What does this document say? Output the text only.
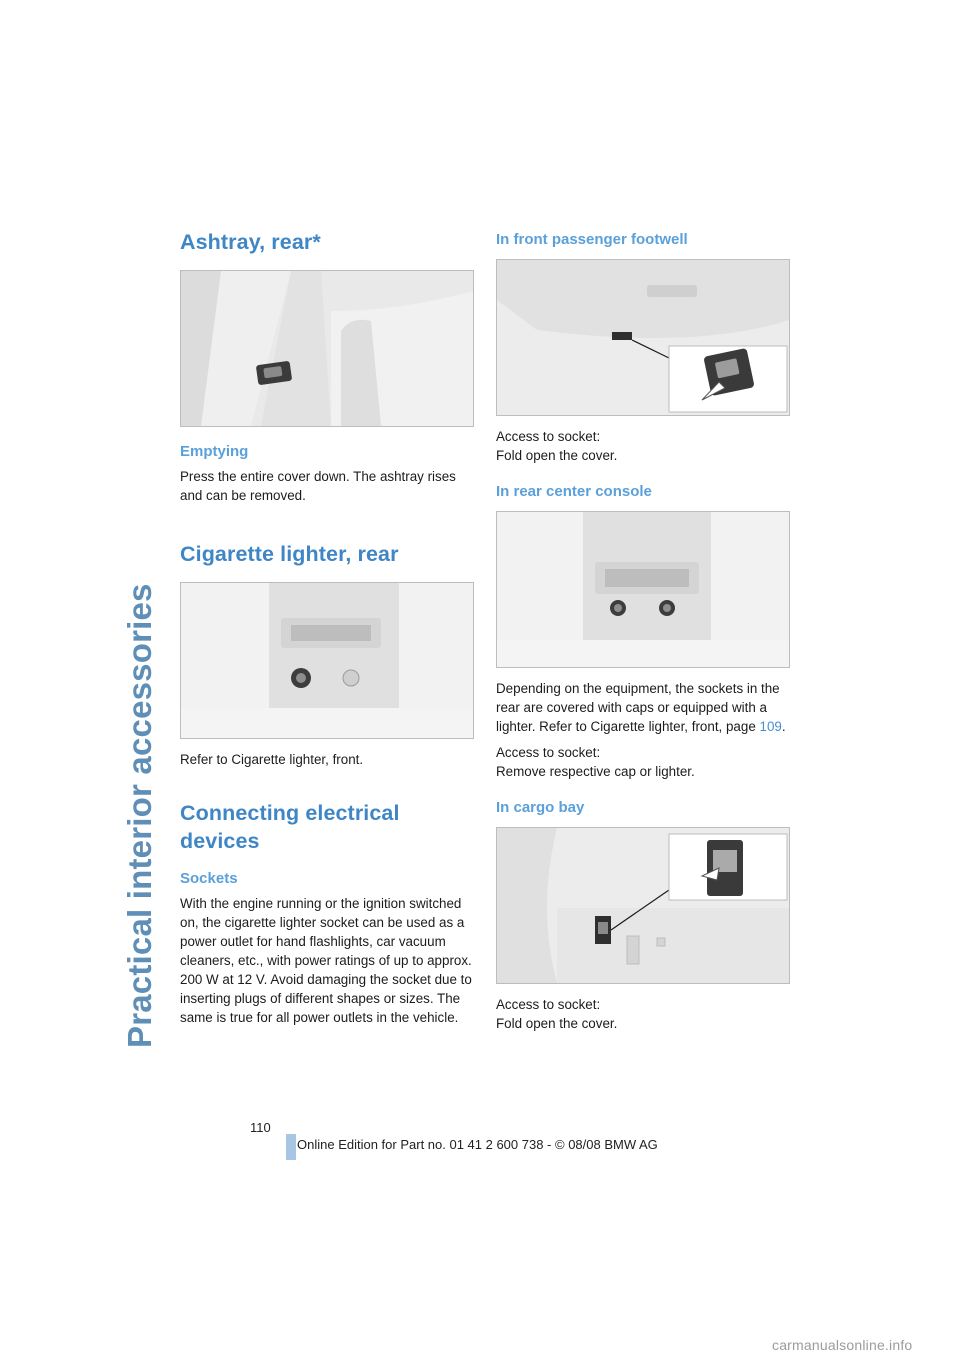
Practical interior accessories
Ashtray, rear*
Emptying

Press the entire cover down. The ashtray rises and can be removed.

Cigarette lighter, rear

Refer to Cigarette lighter, front.

Connecting electrical devices
Sockets

With the engine running or the ignition switched on, the cigarette lighter socket can be used as a power outlet for hand flashlights, car vacuum cleaners, etc., with power ratings of up to approx. 200 W at 12 V. Avoid damaging the socket due to inserting plugs of different shapes or sizes. The same is true for all power outlets in the vehicle.

In front passenger footwell

Access to socket:
Fold open the cover.

In rear center console

Depending on the equipment, the sockets in the rear are covered with caps or equipped with a lighter. Refer to Cigarette lighter, front, page 109.

Access to socket:
Remove respective cap or lighter.

In cargo bay

Access to socket:
Fold open the cover.

110
Online Edition for Part no. 01 41 2 600 738 - © 08/08 BMW AG
carmanualsonline.info
